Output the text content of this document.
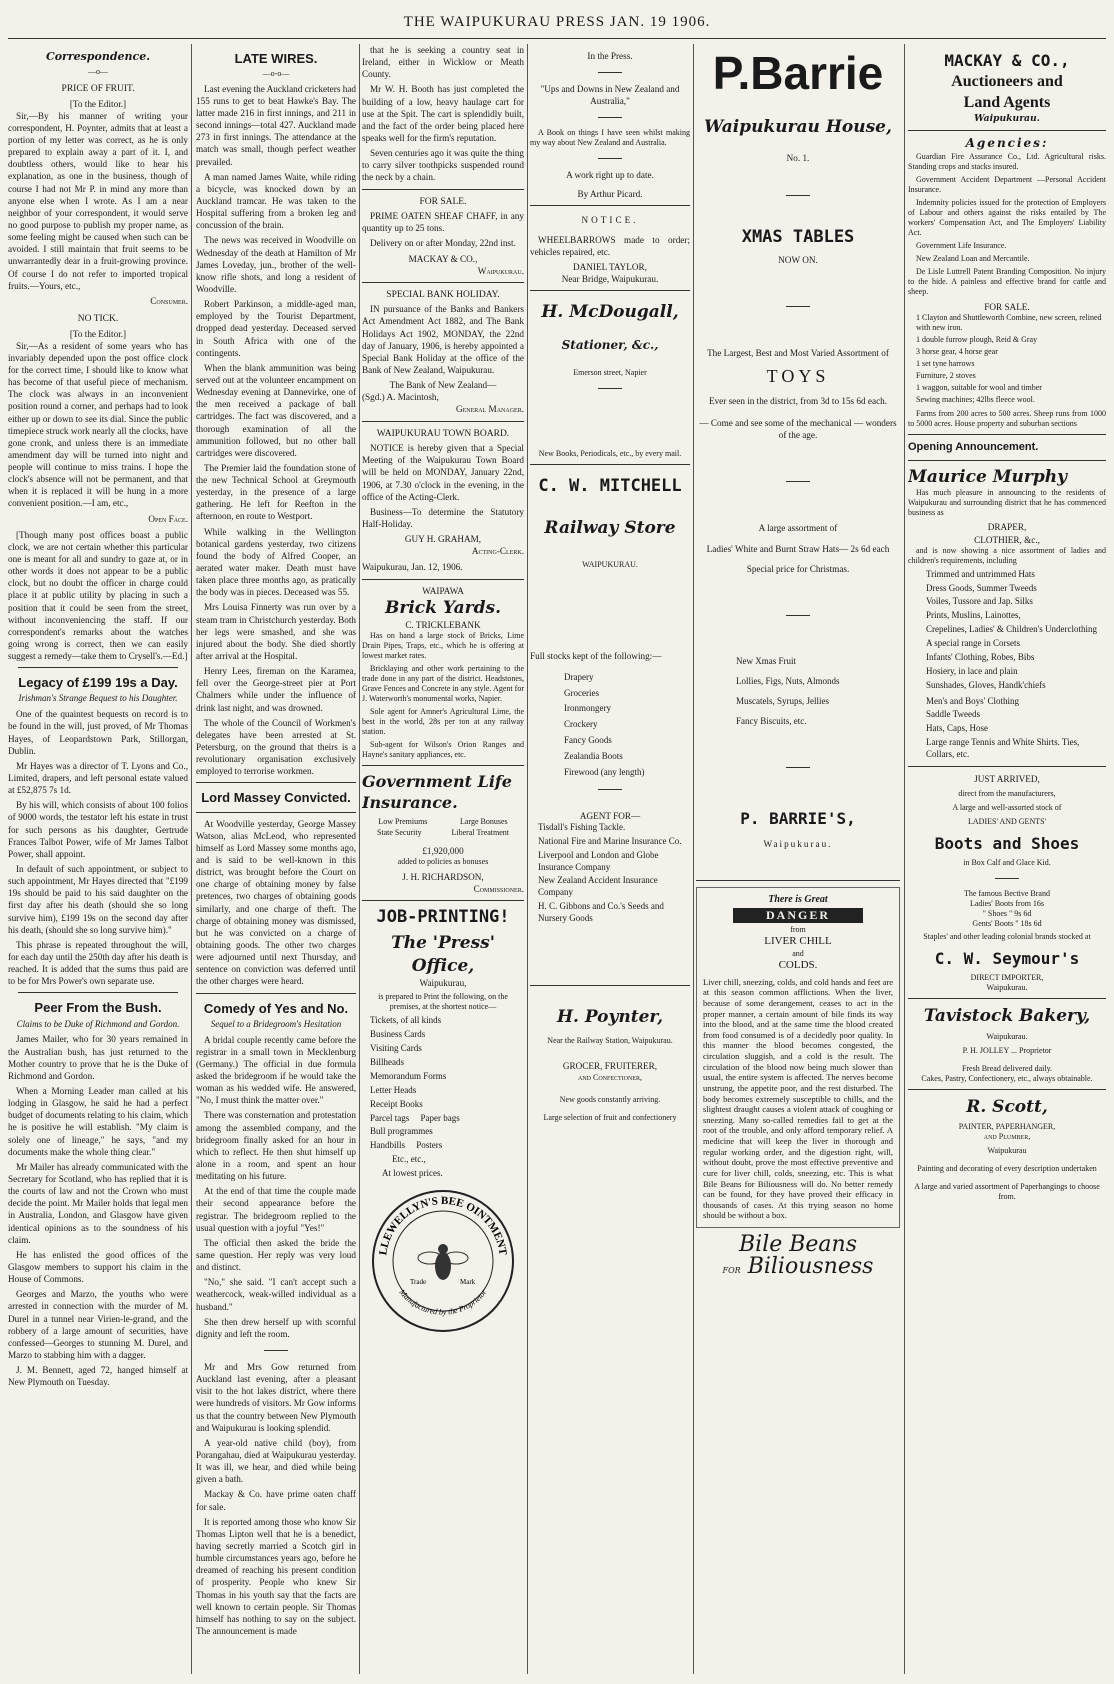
THE WAIPUKURAU PRESS JAN. 19 1906.
Correspondence.
—o—
PRICE OF FRUIT.
[To the Editor.]

Sir,—By his manner of writing your correspondent, H. Poynter, admits that at least a portion of my letter was correct, as he is only prepared to explain away a part of it. I, and doubtless others, would like to hear his explanation, as one in the business, though of course I had not Mr P. in mind any more than anyone else when I wrote. As I am a near neighbor of your correspondent, it would serve no good purpose to publish my proper name, as some feeling might be caused when such can be avoided. I still maintain that fruit seems to be unwarrantedly dear in a fruit-growing province. Of course I do not refer to imported tropical fruits.—Yours, etc.,

Consumer.
NO TICK.
[To the Editor.]

Sir,—As a resident of some years who has invariably depended upon the post office clock for the correct time, I should like to know what has become of that useful piece of mechanism. The clock was always in an inconvenient position round a corner, and perhaps had to look either up or down to see its dial. Since the public timepiece struck work nearly all the clocks, have gone cronk, and unless there is an immediate amendment day will be turned into night and people will continue to miss trains. I hope the clock's absence will not be permanent, and that when it is replaced it will be hung in a more convenient position.—I am, etc.,

Open Face.

[Though many post offices boast a public clock, we are not certain whether this particular one is meant for all and sundry to gaze at, or in other words it does not appear to be a public clock, but no doubt the officer in charge could place it at public utility by placing in such a position that it could be seen from the street, without inconveniencing the staff. If our correspondent's remarks about the watches going wrong is correct, then we can easily suggest a remedy—take them to Crysell's.—Ed.]

Legacy of £199 19s a Day.
Irishman's Strange Bequest to his Daughter.

One of the quaintest bequests on record is to be found in the will, just proved, of Mr Thomas Hayes, of Leopardstown Park, Stillorgan, Dublin.

Mr Hayes was a director of T. Lyons and Co., Limited, drapers, and left personal estate valued at £52,875 7s 1d.

By his will, which consists of about 100 folios of 9000 words, the testator left his estate in trust for such persons as his daughter, Gertrude Frances Talbot Power, wife of Mr James Talbot Power, shall appoint.

In default of such appointment, or subject to such appointment, Mr Hayes directed that "£199 19s should be paid to his said daughter on the first day after his death (should she so long survive him), £199 19s on the second day after his death, (should she so long survive him)."

This phrase is repeated throughout the will, for each day until the 250th day after his death is reached. It is added that the sums thus paid are to be for Mrs Power's own separate use.

Peer From the Bush.
Claims to be Duke of Richmond and Gordon.

James Mailer, who for 30 years remained in the Australian bush, has just returned to the Mother country to prove that he is the Duke of Richmond and Gordon.

When a Morning Leader man called at his lodging in Glasgow, he said he had a perfect budget of documents relating to his claim, which he is positive he will establish. "My claim is solely one of lineage," he says, "and my documents make the whole thing clear."

Mr Mailer has already communicated with the Secretary for Scotland, who has replied that it is the courts of law and not the Crown who must decide the point. Mr Mailer holds that legal men in Australia, London, and Glasgow have given identical opinions as to the soundness of his claim.

He has enlisted the good offices of the Glasgow members to support his claim in the House of Commons.

Georges and Marzo, the youths who were arrested in connection with the murder of M. Durel in a tunnel near Virien-le-grand, and the robbery of a large amount of securities, have confessed—Georges to stunning M. Durel, and Marzo to stabbing him with a dagger.

J. M. Bennett, aged 72, hanged himself at New Plymouth on Tuesday.

LATE WIRES.
—o-o—

Last evening the Auckland cricketers had 155 runs to get to beat Hawke's Bay. The latter made 216 in first innings, and 211 in second innings—total 427. Auckland made 273 in first innings. The attendance at the match was small, though perfect weather prevailed.

A man named James Waite, while riding a bicycle, was knocked down by an Auckland tramcar. He was taken to the Hospital suffering from a broken leg and concussion of the brain.

The news was received in Woodville on Wednesday of the death at Hamilton of Mr James Loveday, jun., brother of the well-know rifle shots, and long a resident of Woodville.

Robert Parkinson, a middle-aged man, employed by the Tourist Department, dropped dead yesterday. Deceased served in South Africa with one of the contingents.

When the blank ammunition was being served out at the volunteer encampment on Wednesday evening at Dannevirke, one of the men received a package of ball cartridges. The fact was discovered, and a thorough examination of all the ammunition followed, but no other ball cartridges were discovered.

The Premier laid the foundation stone of the new Technical School at Greymouth yesterday, in the presence of a large gathering. He left for Reefton in the afternoon, en route to Westport.

While walking in the Wellington botanical gardens yesterday, two citizens found the body of Alfred Cooper, an aerated water maker. Death must have taken place three months ago, as pratically the body was in pieces. Deceased was 55.

Mrs Louisa Finnerty was run over by a steam tram in Christchurch yesterday. Both her legs were smashed, and she was injured about the body. She died shortly after arrival at the Hospital.

Henry Lees, fireman on the Karamea, fell over the George-street pier at Port Chalmers while under the influence of drink last night, and was drowned.

The whole of the Council of Workmen's delegates have been arrested at St. Petersburg, on the ground that theirs is a revolutionary organisation exclusively employed to terrorise workmen.

Lord Massey Convicted.

At Woodville yesterday, George Massey Watson, alias McLeod, who represented himself as Lord Massey some months ago, and is said to be well-known in this district, was brought before the Court on one charge of obtaining money by false pretences, two charges of obtaining goods similarly, and one charge of theft. The charge of obtaining money was dismissed, but he was convicted on a charge of obtaining goods. The other two charges were adjourned until next Thursday, and sentence on conviction was deferred until the other charges were heard.

Comedy of Yes and No.
Sequel to a Bridegroom's Hesitation

A bridal couple recently came before the registrar in a small town in Mecklenburg (Germany.) The official in due formula asked the bridegroom if he would take the woman as his wedded wife. He answered, "No, I must think the matter over."

There was consternation and protestation among the assembled company, and the bridegroom finally asked for an hour in which to reflect. He then shut himself up alone in a room, and spent an hour meditating on his future.

At the end of that time the couple made their second appearance before the registrar. The bridegroom replied to the usual question with a joyful "Yes!"

The official then asked the bride the same question. Her reply was very loud and distinct.

"No," she said. "I can't accept such a weathercock, weak-willed individual as a husband."

She then drew herself up with scornful dignity and left the room.

Mr and Mrs Gow returned from Auckland last evening, after a pleasant visit to the hot lakes district, where there were hundreds of visitors. Mr Gow informs us that the country between New Plymouth and Waipukurau is looking splendid.

A year-old native child (boy), from Porangahau, died at Waipukurau yesterday. It was ill, we hear, and died while being given a bath.

Mackay & Co. have prime oaten chaff for sale.

It is reported among those who know Sir Thomas Lipton well that he is a benedict, having secretly married a Scotch girl in humble circumstances years ago, before he dreamed of reaching his present condition of prosperity. People who knew Sir Thomas in his youth say that the facts are well known to certain people. Sir Thomas himself has nothing to say on the subject. The announcement is made

that he is seeking a country seat in Ireland, either in Wicklow or Meath County.

Mr W. H. Booth has just completed the building of a low, heavy haulage cart for use at the Spit. The cart is splendidly built, and the fact of the order being placed here speaks well for the firm's reputation.

Seven centuries ago it was quite the thing to carry silver toothpicks suspended round the neck by a chain.

FOR SALE.

PRIME OATEN SHEAF CHAFF, in any quantity up to 25 tons.

Delivery on or after Monday, 22nd inst.

MACKAY & CO.,
Waipukurau.
SPECIAL BANK HOLIDAY.

IN pursuance of the Banks and Bankers Act Amendment Act 1882, and The Bank Holidays Act 1902, MONDAY, the 22nd day of January, 1906, is hereby appointed a Special Bank Holiday at the office of the Bank of New Zealand, Waipukurau.

The Bank of New Zealand—
(Sgd.) A. Macintosh,
General Manager.
WAIPUKURAU TOWN BOARD.

NOTICE is hereby given that a Special Meeting of the Waipukurau Town Board will be held on MONDAY, January 22nd, 1906, at 7.30 o'clock in the evening, in the office of the Acting-Clerk.

Business—To determine the Statutory Half-Holiday.

GUY H. GRAHAM,
Acting-Clerk.
Waipukurau, Jan. 12, 1906.
WAIPAWA
Brick Yards.
C. TRICKLEBANK

Has on hand a large stock of Bricks, Lime Drain Pipes, Traps, etc., which he is offering at lowest market rates.

Bricklaying and other work pertaining to the trade done in any part of the district. Headstones, Grave Fences and Concrete in any style. Agent for J. Waterworth's monumental works, Napier.

Sole agent for Amner's Agricultural Lime, the best in the world, 28s per ton at any railway station.

Sub-agent for Wilson's Orion Ranges and Hayne's sanitary appliances, etc.

Government Life
Insurance.
Low Premiums	Large Bonuses
State Security	Liberal Treatment
£1,920,000
added to policies as bonuses
J. H. RICHARDSON,
Commissioner.
JOB-PRINTING!
The 'Press' Office,
Waipukurau,
is prepared to Print the following, on the premises, at the shortest notice—
Tickets, of all kinds
Business Cards
Visiting Cards
Billheads
Memorandum Forms
Letter Heads
Receipt Books
Parcel tags     Paper bags
Bull programmes
Handbills     Posters
Etc., etc.,
At lowest prices.
LLEWELLYN'S BEE OINTMENT
Manufactured by the Proprietor
Trade	Mark
In the Press.
"Ups and Downs in New Zealand and Australia,"

A Book on things I have seen whilst making my way about New Zealand and Australia.

A work right up to date.
By Arthur Picard.
NOTICE.

WHEELBARROWS made to order; vehicles repaired, etc.

DANIEL TAYLOR,
Near Bridge, Waipukurau.
H. McDougall,
Stationer, &c.,
Emerson street, Napier
New Books, Periodicals, etc., by every mail.
C. W. MITCHELL
Railway Store
WAIPUKURAU.
Full stocks kept of the following:—
Drapery
Groceries
Ironmongery
Crockery
Fancy Goods
Zealandia Boots
Firewood (any length)
AGENT FOR—
Tisdall's Fishing Tackle.
National Fire and Marine Insurance Co.
Liverpool and London and Globe Insurance Company
New Zealand Accident Insurance Company
H. C. Gibbons and Co.'s Seeds and Nursery Goods
H. Poynter,
Near the Railway Station, Waipukurau.
GROCER, FRUITERER,
and Confectioner,
New goods constantly arriving.
Large selection of fruit and confectionery
P.Barrie
Waipukurau House,
No. 1.
XMAS TABLES
NOW ON.
The Largest, Best and Most Varied Assortment of
TOYS
Ever seen in the district, from 3d to 15s 6d each.
— Come and see some of the mechanical — wonders of the age.
A large assortment of
Ladies' White and Burnt Straw Hats— 2s 6d each
Special price for Christmas.
New Xmas Fruit
Lollies, Figs, Nuts, Almonds
Muscatels, Syrups, Jellies
Fancy Biscuits, etc.
P. BARRIE'S,
Waipukurau.
There is Great
DANGER
from
LIVER CHILL
and
COLDS.
Liver chill, sneezing, colds, and cold hands and feet are at this season common afflictions. When the liver, because of some derangement, ceases to act in the proper manner, a certain amount of bile finds its way into the blood, and at the same time the blood created from food consumed is of a decidedly poor quality. In this manner the blood becomes congested, the circulation sluggish, and a cold is the result. The circulation of the blood now being much slower than usual, the entire system is affected. The nerves become unstrung, the appetite poor, and the rest disturbed. The body becomes extremely susceptible to chills, and the slightest draught causes a violent attack of coughing or sneezing. Many so-called remedies fail to get at the root of the trouble, and only afford temporary relief. A medicine that will keep the liver in thorough and regular working order, and the digestion right, will, without doubt, prove the most effective preventive and cure for liver chill, colds, sneezing, etc. This is what Bile Beans for Biliousness will do. No better remedy can be found, for they have proved their efficacy in thousands of cases. At this trying season no home should be without a box.
Bile Beans
FOR Biliousness
MACKAY & CO.,
Auctioneers and
Land Agents
Waipukurau.
Agencies:

Guardian Fire Assurance Co., Ltd. Agricultural risks. Standing crops and stacks insured.

Government Accident Department —Personal Accident Insurance.

Indemnity policies issued for the protection of Employers of Labour and others against the risks entailed by The workers' Compensation Act, and The Employers' Liability Act.

Government Life Insurance.

New Zealand Loan and Mercantile.

De Lisle Luttrell Patent Branding Composition. No injury to the hide. A painless and effective brand for cattle and sheep.

FOR SALE.
1 Clayton and Shuttleworth Combine, new screen, relined with new iron.
1 double furrow plough, Reid & Gray
3 horse gear, 4 horse gear
1 set tyne harrows
Furniture, 2 stoves
1 waggon, suitable for wool and timber
Sewing machines; 42lbs fleece wool.

Farms from 200 acres to 500 acres. Sheep runs from 1000 to 5000 acres. House property and suburban sections

Opening Announcement.
Maurice Murphy

Has much pleasure in announcing to the residents of Waipukurau and surrounding district that he has commenced business as

DRAPER,
CLOTHIER, &c.,

and is now showing a nice assortment of ladies and children's requirements, including

Trimmed and untrimmed Hats
Dress Goods, Summer Tweeds
Voiles, Tussore and Jap. Silks
Prints, Muslins, Lainottes,
Crepelines, Ladies' & Children's Underclothing
A special range in Corsets
Infants' Clothing, Robes, Bibs
Hosiery, in lace and plain
Sunshades, Gloves, Handk'chiefs
Men's and Boys' Clothing
Saddle Tweeds
Hats, Caps, Hose
Large range Tennis and White Shirts. Ties, Collars, etc.
JUST ARRIVED,
direct from the manufacturers,
A large and well-assorted stock of
LADIES' AND GENTS'
Boots and Shoes
in Box Calf and Glace Kid.
The famous Bective Brand
Ladies' Boots from 16s
" Shoes " 9s 6d
Gents' Boots " 18s 6d
Staples' and other leading colonial brands stocked at
C. W. Seymour's
DIRECT IMPORTER,
Waipukurau.
Tavistock Bakery,
Waipukurau.
P. H. JOLLEY ... Proprietor
Fresh Bread delivered daily.
Cakes, Pastry, Confectionery, etc., always obtainable.
R. Scott,
PAINTER, PAPERHANGER,
and Plumber,
Waipukurau
Painting and decorating of every description undertaken
A large and varied assortment of Paperhangings to choose from.
